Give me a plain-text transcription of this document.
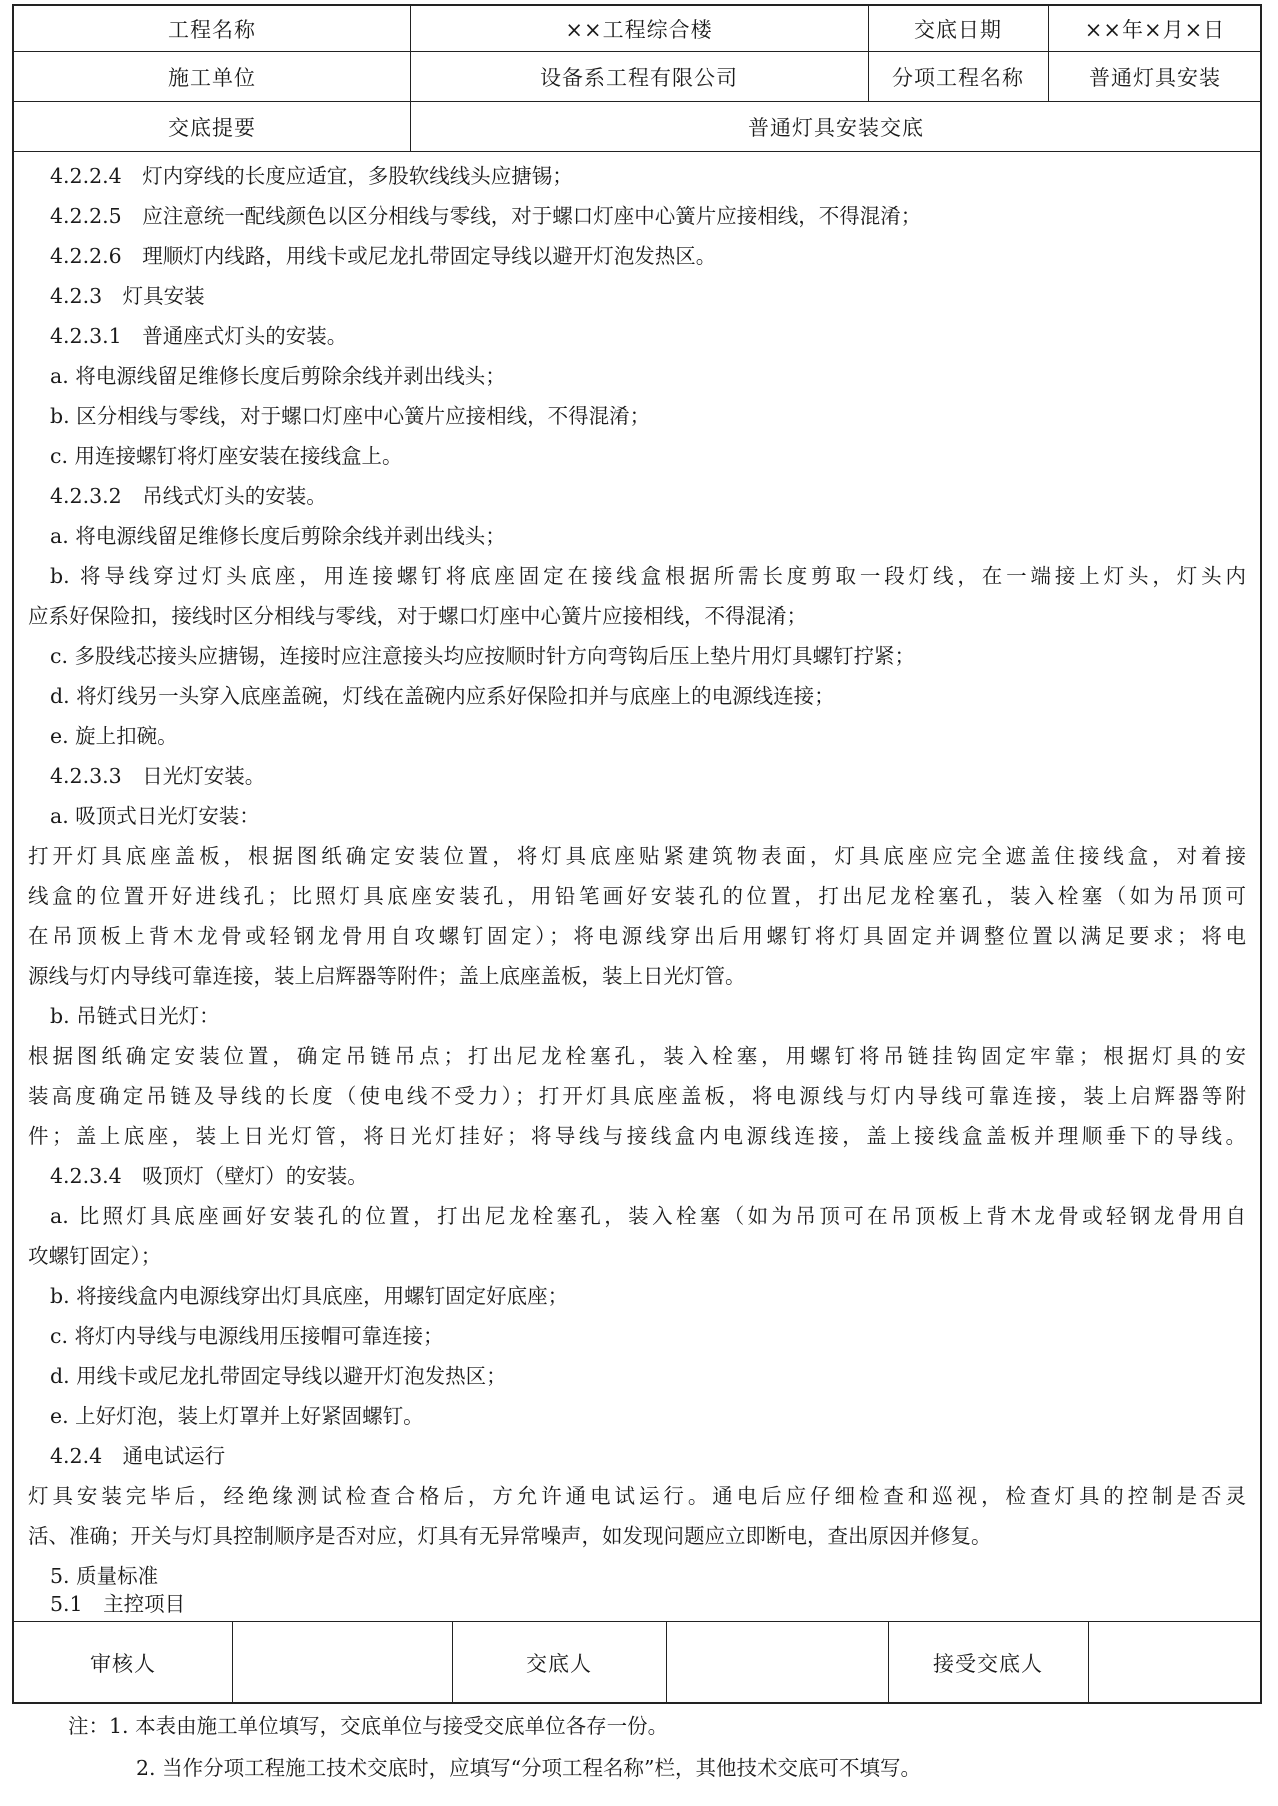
工程名称	××工程综合楼	交底日期	××年×月×日
施工单位	设备系工程有限公司	分项工程名称	普通灯具安装
交底提要	普通灯具安装交底
4.2.2.4　灯内穿线的长度应适宜，多股软线线头应搪锡；
4.2.2.5　应注意统一配线颜色以区分相线与零线，对于螺口灯座中心簧片应接相线，不得混淆；
4.2.2.6　理顺灯内线路，用线卡或尼龙扎带固定导线以避开灯泡发热区。
4.2.3　灯具安装
4.2.3.1　普通座式灯头的安装。
a. 将电源线留足维修长度后剪除余线并剥出线头；
b. 区分相线与零线，对于螺口灯座中心簧片应接相线，不得混淆；
c. 用连接螺钉将灯座安装在接线盒上。
4.2.3.2　吊线式灯头的安装。
a. 将电源线留足维修长度后剪除余线并剥出线头；
b. 将导线穿过灯头底座，用连接螺钉将底座固定在接线盒根据所需长度剪取一段灯线，在一端接上灯头，灯头内
应系好保险扣，接线时区分相线与零线，对于螺口灯座中心簧片应接相线，不得混淆；
c. 多股线芯接头应搪锡，连接时应注意接头均应按顺时针方向弯钩后压上垫片用灯具螺钉拧紧；
d. 将灯线另一头穿入底座盖碗，灯线在盖碗内应系好保险扣并与底座上的电源线连接；
e. 旋上扣碗。
4.2.3.3　日光灯安装。
a. 吸顶式日光灯安装：
打开灯具底座盖板，根据图纸确定安装位置，将灯具底座贴紧建筑物表面，灯具底座应完全遮盖住接线盒，对着接
线盒的位置开好进线孔；比照灯具底座安装孔，用铅笔画好安装孔的位置，打出尼龙栓塞孔，装入栓塞（如为吊顶可
在吊顶板上背木龙骨或轻钢龙骨用自攻螺钉固定）；将电源线穿出后用螺钉将灯具固定并调整位置以满足要求；将电
源线与灯内导线可靠连接，装上启辉器等附件；盖上底座盖板，装上日光灯管。
b. 吊链式日光灯：
根据图纸确定安装位置，确定吊链吊点；打出尼龙栓塞孔，装入栓塞，用螺钉将吊链挂钩固定牢靠；根据灯具的安
装高度确定吊链及导线的长度（使电线不受力）；打开灯具底座盖板，将电源线与灯内导线可靠连接，装上启辉器等附
件；盖上底座，装上日光灯管，将日光灯挂好；将导线与接线盒内电源线连接，盖上接线盒盖板并理顺垂下的导线。
4.2.3.4　吸顶灯（壁灯）的安装。
a. 比照灯具底座画好安装孔的位置，打出尼龙栓塞孔，装入栓塞（如为吊顶可在吊顶板上背木龙骨或轻钢龙骨用自
攻螺钉固定）；
b. 将接线盒内电源线穿出灯具底座，用螺钉固定好底座；
c. 将灯内导线与电源线用压接帽可靠连接；
d. 用线卡或尼龙扎带固定导线以避开灯泡发热区；
e. 上好灯泡，装上灯罩并上好紧固螺钉。
4.2.4　通电试运行
灯具安装完毕后，经绝缘测试检查合格后，方允许通电试运行。通电后应仔细检查和巡视，检查灯具的控制是否灵
活、准确；开关与灯具控制顺序是否对应，灯具有无异常噪声，如发现问题应立即断电，查出原因并修复。
5. 质量标准
5.1　主控项目
审核人	交底人	接受交底人
注：1. 本表由施工单位填写，交底单位与接受交底单位各存一份。
2. 当作分项工程施工技术交底时，应填写“分项工程名称”栏，其他技术交底可不填写。
